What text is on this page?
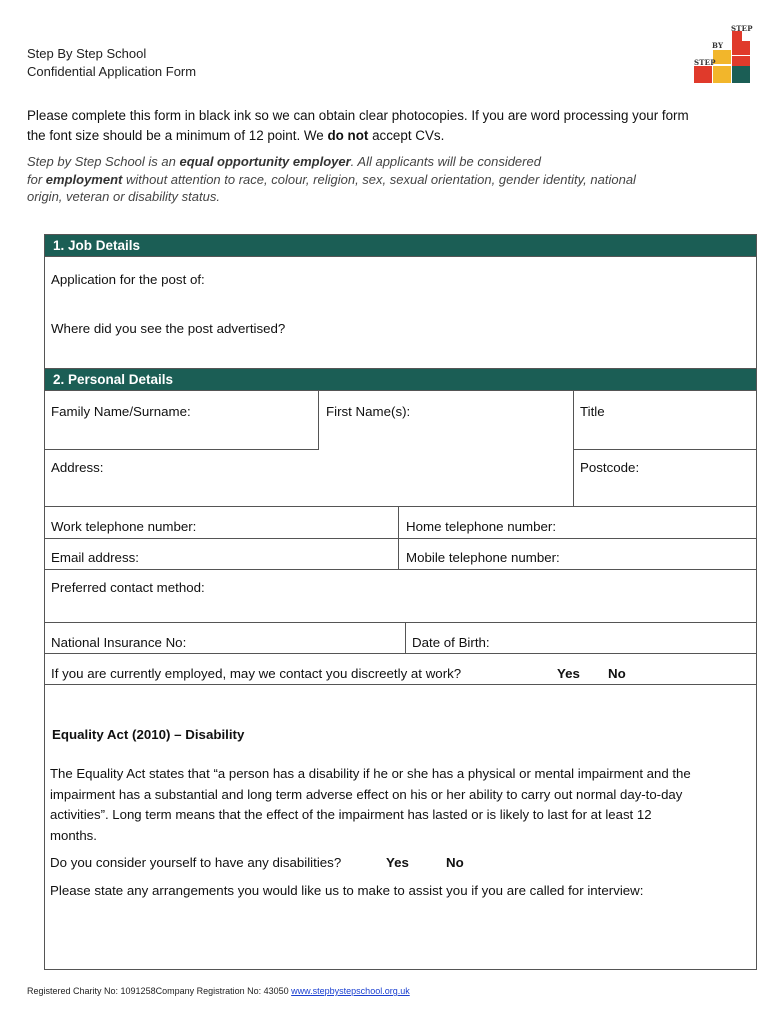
Step By Step School
Confidential Application Form
STEP
BY
STEP
Please complete this form in black ink so we can obtain clear photocopies. If you are word processing your form
the font size should be a minimum of 12 point. We do not accept CVs.
Step by Step School is an equal opportunity employer. All applicants will be considered
for employment without attention to race, colour, religion, sex, sexual orientation, gender identity, national
origin, veteran or disability status.
1. Job Details
Application for the post of:
Where did you see the post advertised?
2. Personal Details
Family Name/Surname:	First Name(s):	Title
Address:	Postcode:
Work telephone number:	Home telephone number:
Email address:	Mobile telephone number:
Preferred contact method:
National Insurance No:	Date of Birth:
If you are currently employed, may we contact you discreetly at work?	Yes No
Equality Act (2010) – Disability
The Equality Act states that “a person has a disability if he or she has a physical or mental impairment and the
impairment has a substantial and long term adverse effect on his or her ability to carry out normal day-to-day
activities”. Long term means that the effect of the impairment has lasted or is likely to last for at least 12
months.
Do you consider yourself to have any disabilities?	Yes	No
Please state any arrangements you would like us to make to assist you if you are called for interview:
Registered Charity No: 1091258Company Registration No: 43050 www.stepbystepschool.org.uk
